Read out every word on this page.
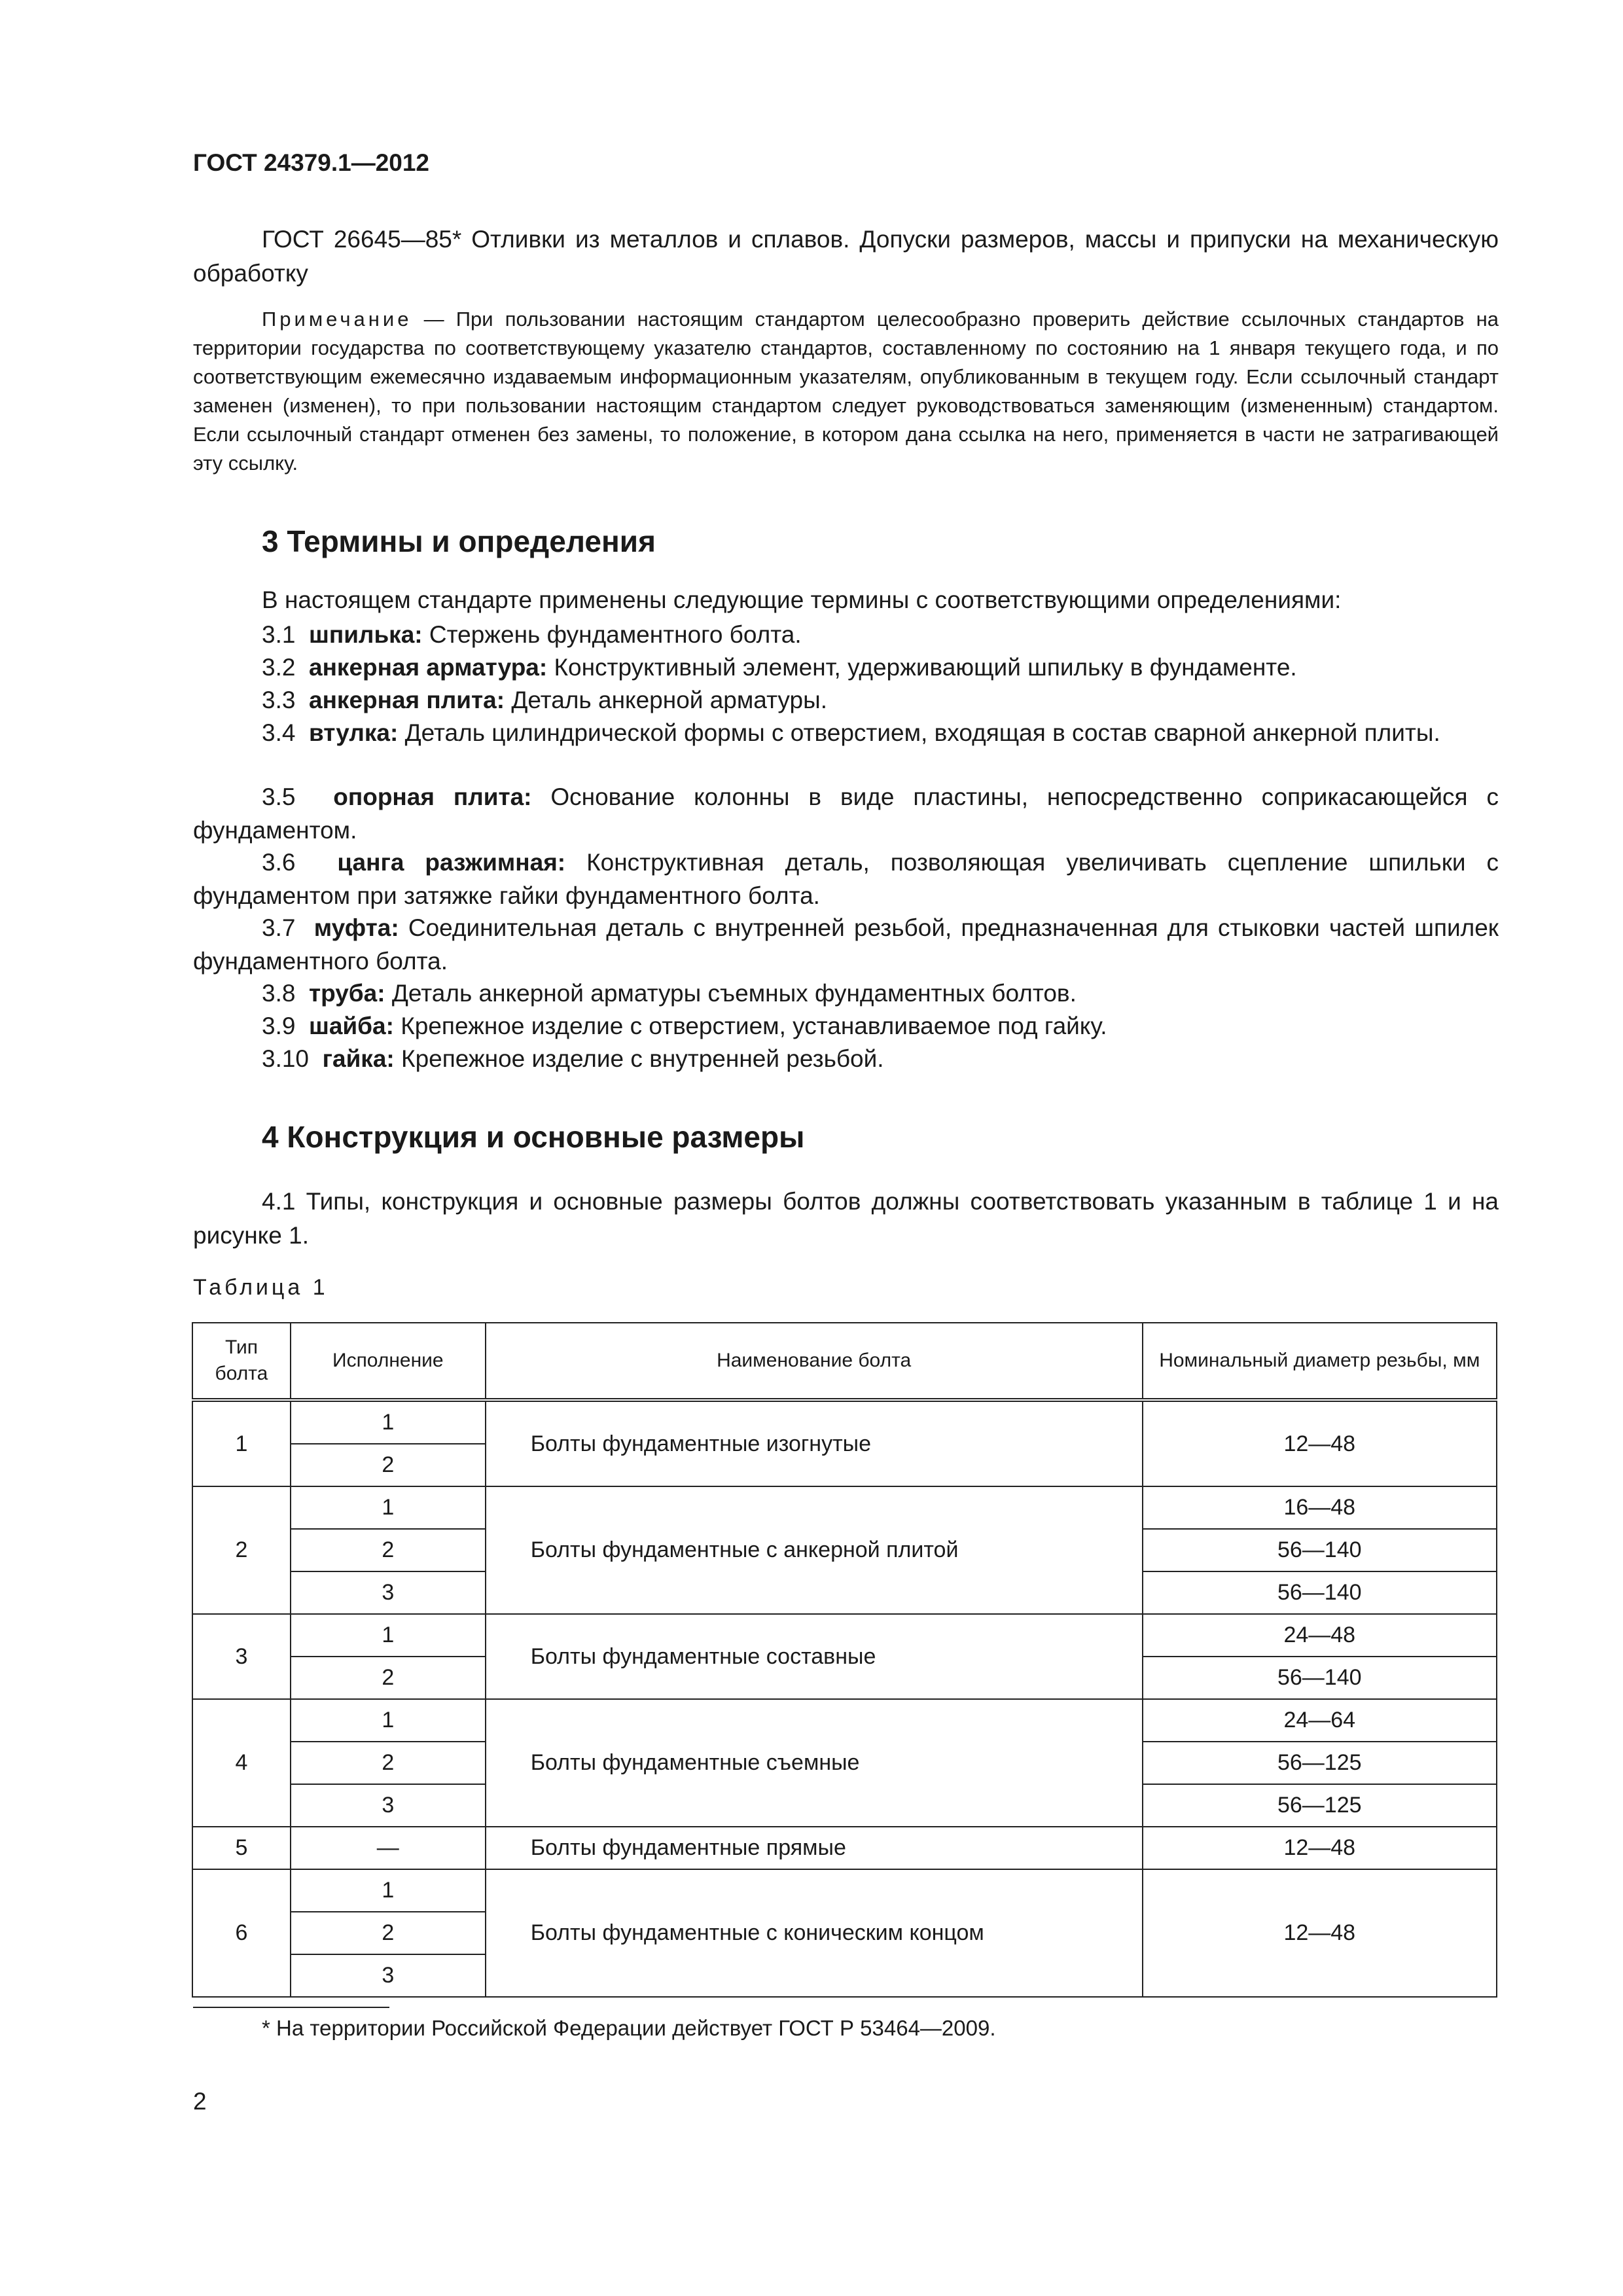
ГОСТ 24379.1—2012

ГОСТ 26645—85* Отливки из металлов и сплавов. Допуски размеров, массы и припуски на механическую обработку

Примечание — При пользовании настоящим стандартом целесообразно проверить действие ссылочных стандартов на территории государства по соответствующему указателю стандартов, составленному по состоянию на 1 января текущего года, и по соответствующим ежемесячно издаваемым информационным указателям, опубликованным в текущем году. Если ссылочный стандарт заменен (изменен), то при пользовании настоящим стандартом следует руководствоваться заменяющим (измененным) стандартом. Если ссылочный стандарт отменен без замены, то положение, в котором дана ссылка на него, применяется в части не затрагивающей эту ссылку.

3 Термины и определения
В настоящем стандарте применены следующие термины с соответствующими определениями:

3.1 шпилька: Стержень фундаментного болта.

3.2 анкерная арматура: Конструктивный элемент, удерживающий шпильку в фундаменте.

3.3 анкерная плита: Деталь анкерной арматуры.

3.4 втулка: Деталь цилиндрической формы с отверстием, входящая в состав сварной анкерной плиты.

3.5 опорная плита: Основание колонны в виде пластины, непосредственно соприкасающейся с фундаментом.

3.6 цанга разжимная: Конструктивная деталь, позволяющая увеличивать сцепление шпильки с фундаментом при затяжке гайки фундаментного болта.

3.7 муфта: Соединительная деталь с внутренней резьбой, предназначенная для стыковки частей шпилек фундаментного болта.

3.8 труба: Деталь анкерной арматуры съемных фундаментных болтов.

3.9 шайба: Крепежное изделие с отверстием, устанавливаемое под гайку.

3.10 гайка: Крепежное изделие с внутренней резьбой.

4 Конструкция и основные размеры

4.1 Типы, конструкция и основные размеры болтов должны соответствовать указанным в таблице 1 и на рисунке 1.

Таблица 1
Тип болта	Исполнение	Наименование болта	Номинальный диаметр резьбы, мм
1	1	Болты фундаментные изогнутые	12—48
	2		
2	1	Болты фундаментные с анкерной плитой	16—48
	2		56—140
	3		56—140
3	1	Болты фундаментные составные	24—48
	2		56—140
4	1	Болты фундаментные съемные	24—64
	2		56—125
	3		56—125
5	—	Болты фундаментные прямые	12—48
6	1	Болты фундаментные с коническим концом	12—48
	2		
	3		
* На территории Российской Федерации действует ГОСТ Р 53464—2009.
2
